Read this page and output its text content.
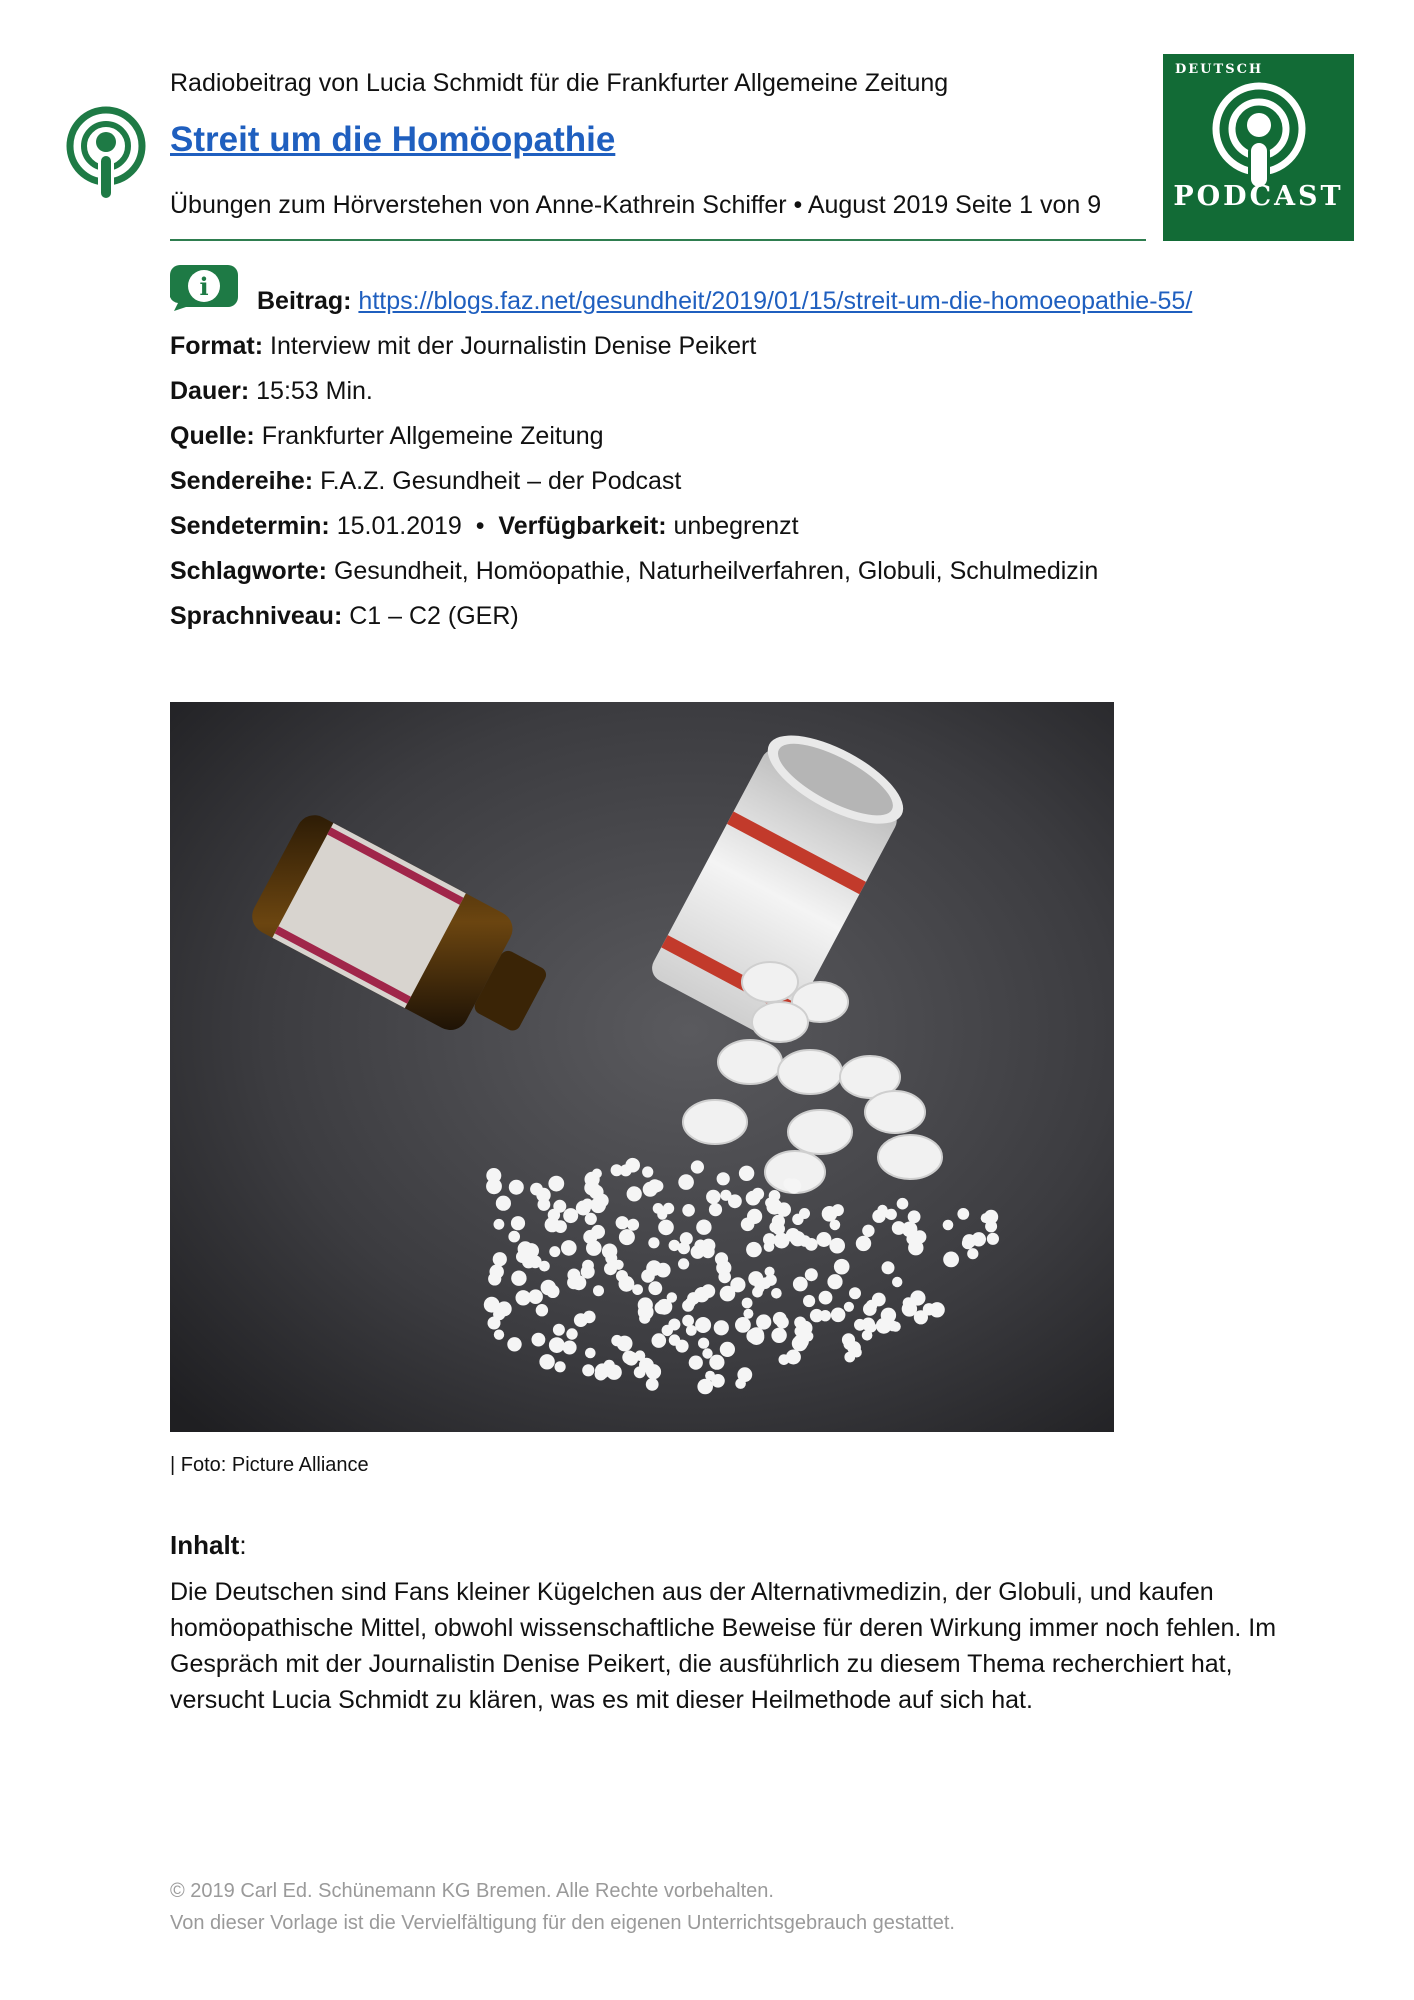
Radiobeitrag von Lucia Schmidt für die Frankfurter Allgemeine Zeitung
Streit um die Homöopathie
Übungen zum Hörverstehen von Anne-Kathrein Schiffer • August 2019 Seite 1 von 9
DEUTSCH
PODCAST
i Beitrag: https://blogs.faz.net/gesundheit/2019/01/15/streit-um-die-homoeopathie-55/
Format: Interview mit der Journalistin Denise Peikert
Dauer: 15:53 Min.
Quelle: Frankfurter Allgemeine Zeitung
Sendereihe: F.A.Z. Gesundheit – der Podcast
Sendetermin: 15.01.2019 • Verfügbarkeit: unbegrenzt
Schlagworte: Gesundheit, Homöopathie, Naturheilverfahren, Globuli, Schulmedizin
Sprachniveau: C1 – C2 (GER)
| Foto: Picture Alliance
Inhalt:
Die Deutschen sind Fans kleiner Kügelchen aus der Alternativmedizin, der Globuli, und kaufen homöopathische Mittel, obwohl wissenschaftliche Beweise für deren Wirkung immer noch fehlen. Im Gespräch mit der Journalistin Denise Peikert, die ausführlich zu diesem Thema recherchiert hat, versucht Lucia Schmidt zu klären, was es mit dieser Heilmethode auf sich hat.
© 2019 Carl Ed. Schünemann KG Bremen. Alle Rechte vorbehalten.
Von dieser Vorlage ist die Vervielfältigung für den eigenen Unterrichtsgebrauch gestattet.
